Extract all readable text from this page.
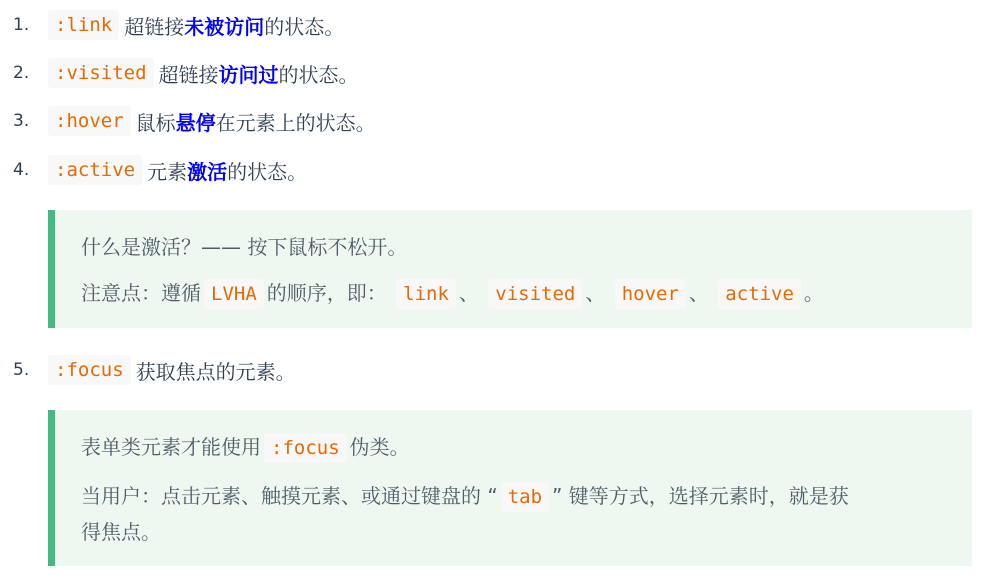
1.	:link 超链接 未被访问 的状态。
2.	:visited 超链接 访问过 的状态。
3.	:hover 鼠标 悬停 在元素上的状态。
4.	:active 元素 激活 的状态。

什么是激活？—— 按下鼠标不松开。

注意点：遵循 LVHA 的顺序，即： link 、 visited 、 hover 、 active 。

5.	:focus 获取焦点的元素。

表单类元素才能使用 :focus 伪类。

当用户：点击元素、触摸元素、或通过键盘的 “ tab ” 键等方式，选择元素时，就是获

得焦点。
